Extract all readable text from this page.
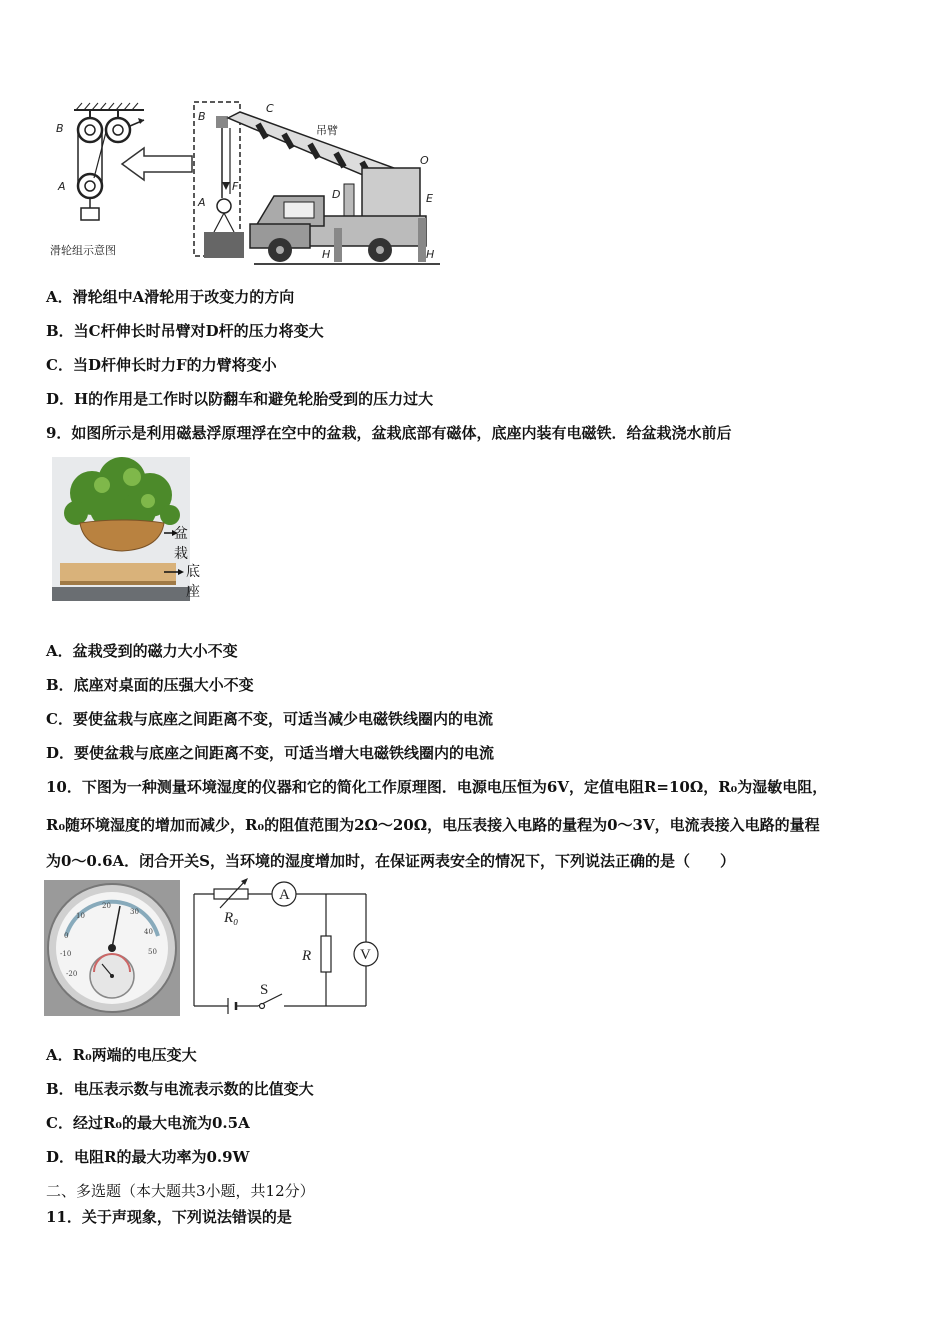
B
A
滑轮组示意图
B
A
F
C
吊臂
O
D	E
H	H
A．滑轮组中A滑轮用于改变力的方向
B．当C杆伸长时吊臂对D杆的压力将变大
C．当D杆伸长时力F的力臂将变小
D．H的作用是工作时以防翻车和避免轮胎受到的压力过大
9．如图所示是利用磁悬浮原理浮在空中的盆栽，盆栽底部有磁体，底座内装有电磁铁．给盆栽浇水前后
盆栽
底座
A．盆栽受到的磁力大小不变
B．底座对桌面的压强大小不变
C．要使盆栽与底座之间距离不变，可适当减少电磁铁线圈内的电流
D．要使盆栽与底座之间距离不变，可适当增大电磁铁线圈内的电流
10．下图为一种测量环境湿度的仪器和它的简化工作原理图．电源电压恒为6V，定值电阻R=10Ω，R₀为湿敏电阻，
R₀随环境湿度的增加而减少，R₀的阻值范围为2Ω～20Ω，电压表接入电路的量程为0～3V，电流表接入电路的量程
为0～0.6A．闭合开关S，当环境的湿度增加时，在保证两表安全的情况下，下列说法正确的是（　　）
20
30
10
40
0
50
-10
-20
R₀
A
R	V
S
A．R₀两端的电压变大
B．电压表示数与电流表示数的比值变大
C．经过R₀的最大电流为0.5A
D．电阻R的最大功率为0.9W
二、多选题（本大题共3小题，共12分）
11．关于声现象，下列说法错误的是
